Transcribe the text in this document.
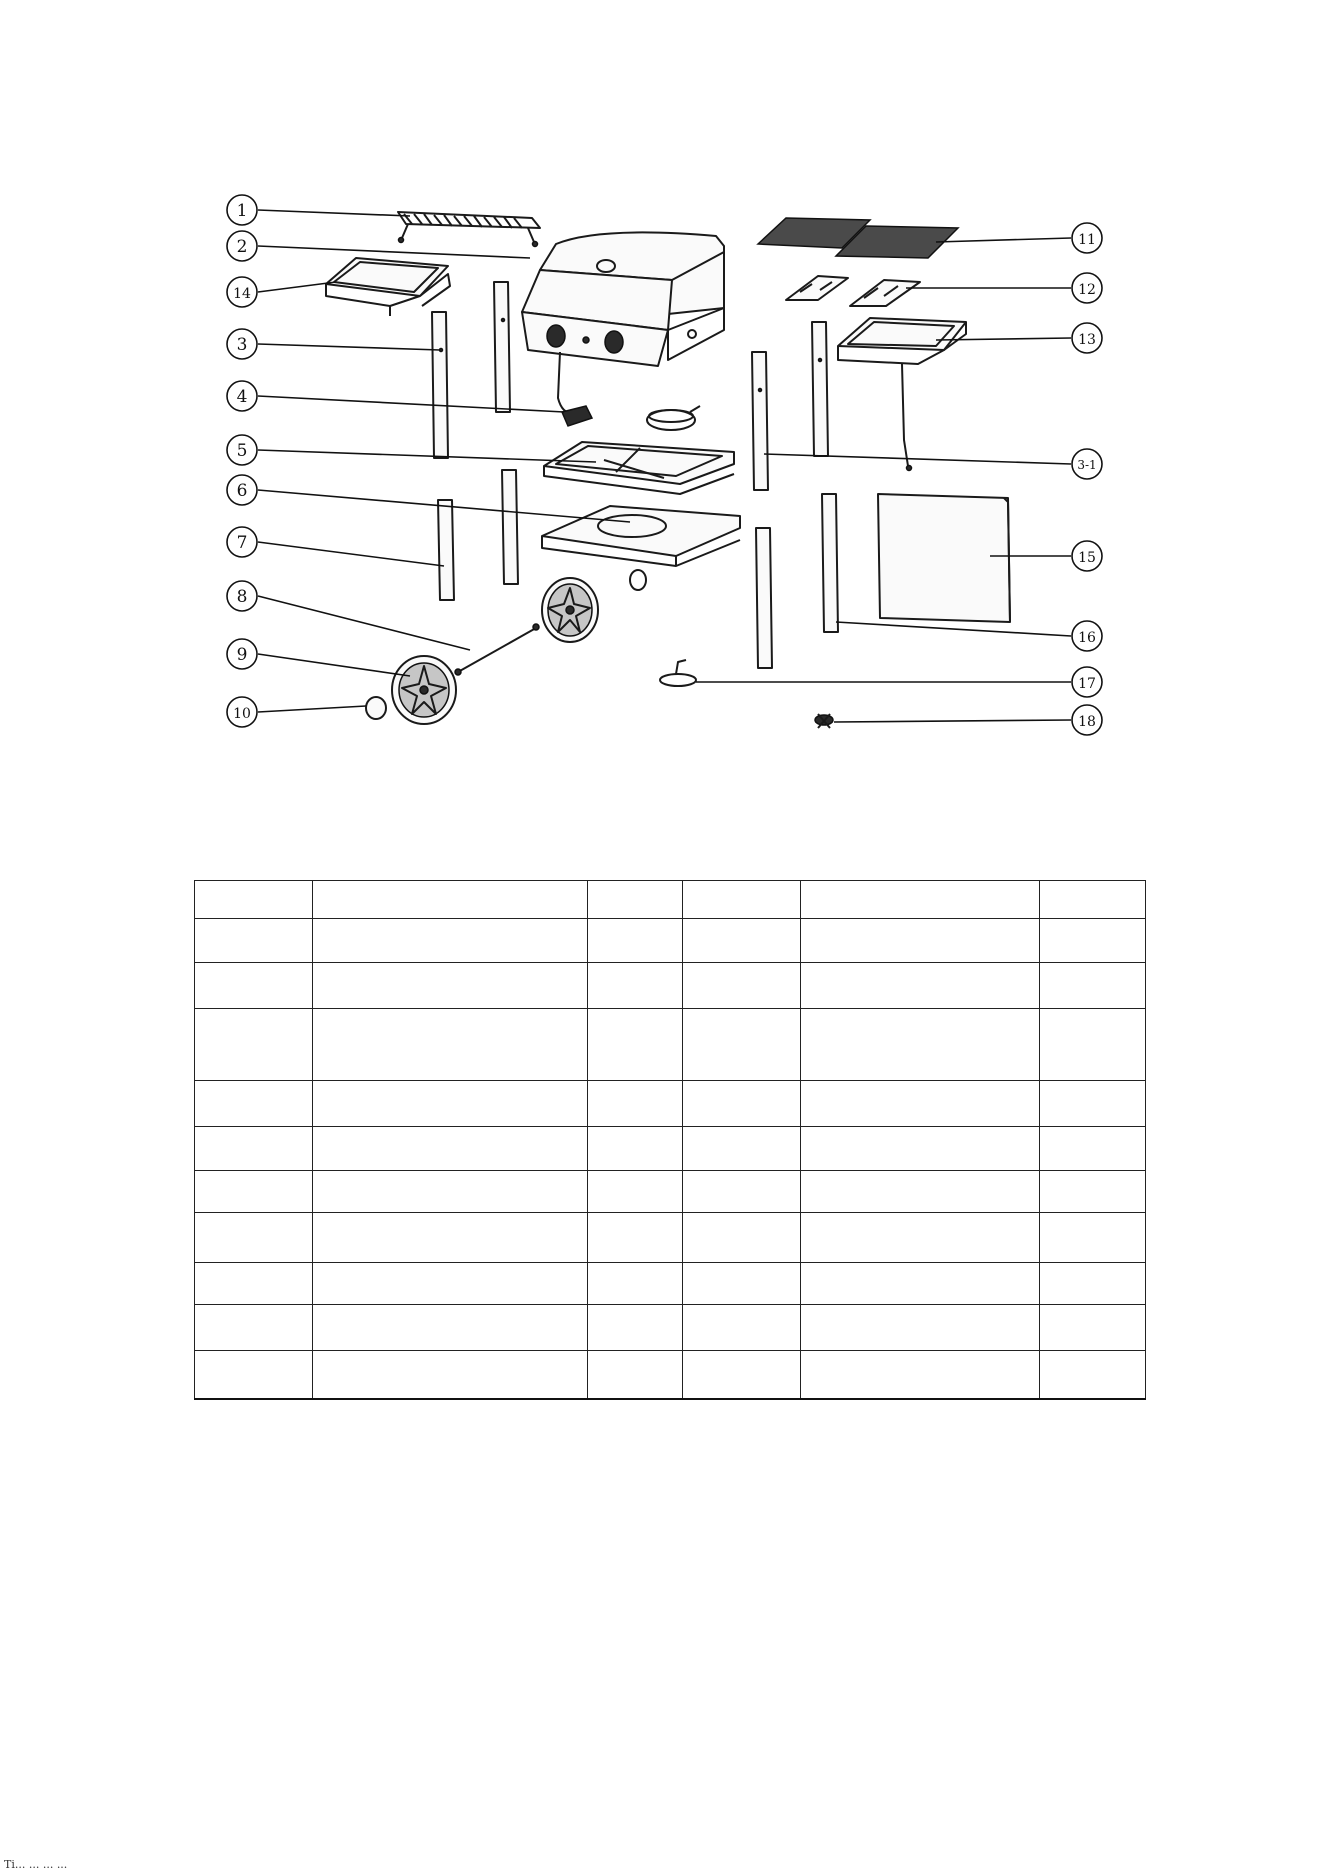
1
2
14
3
4
5
6
7
8
9
10
11
12
13
3-1
15
16
17
18

Ti... ... ... ...
